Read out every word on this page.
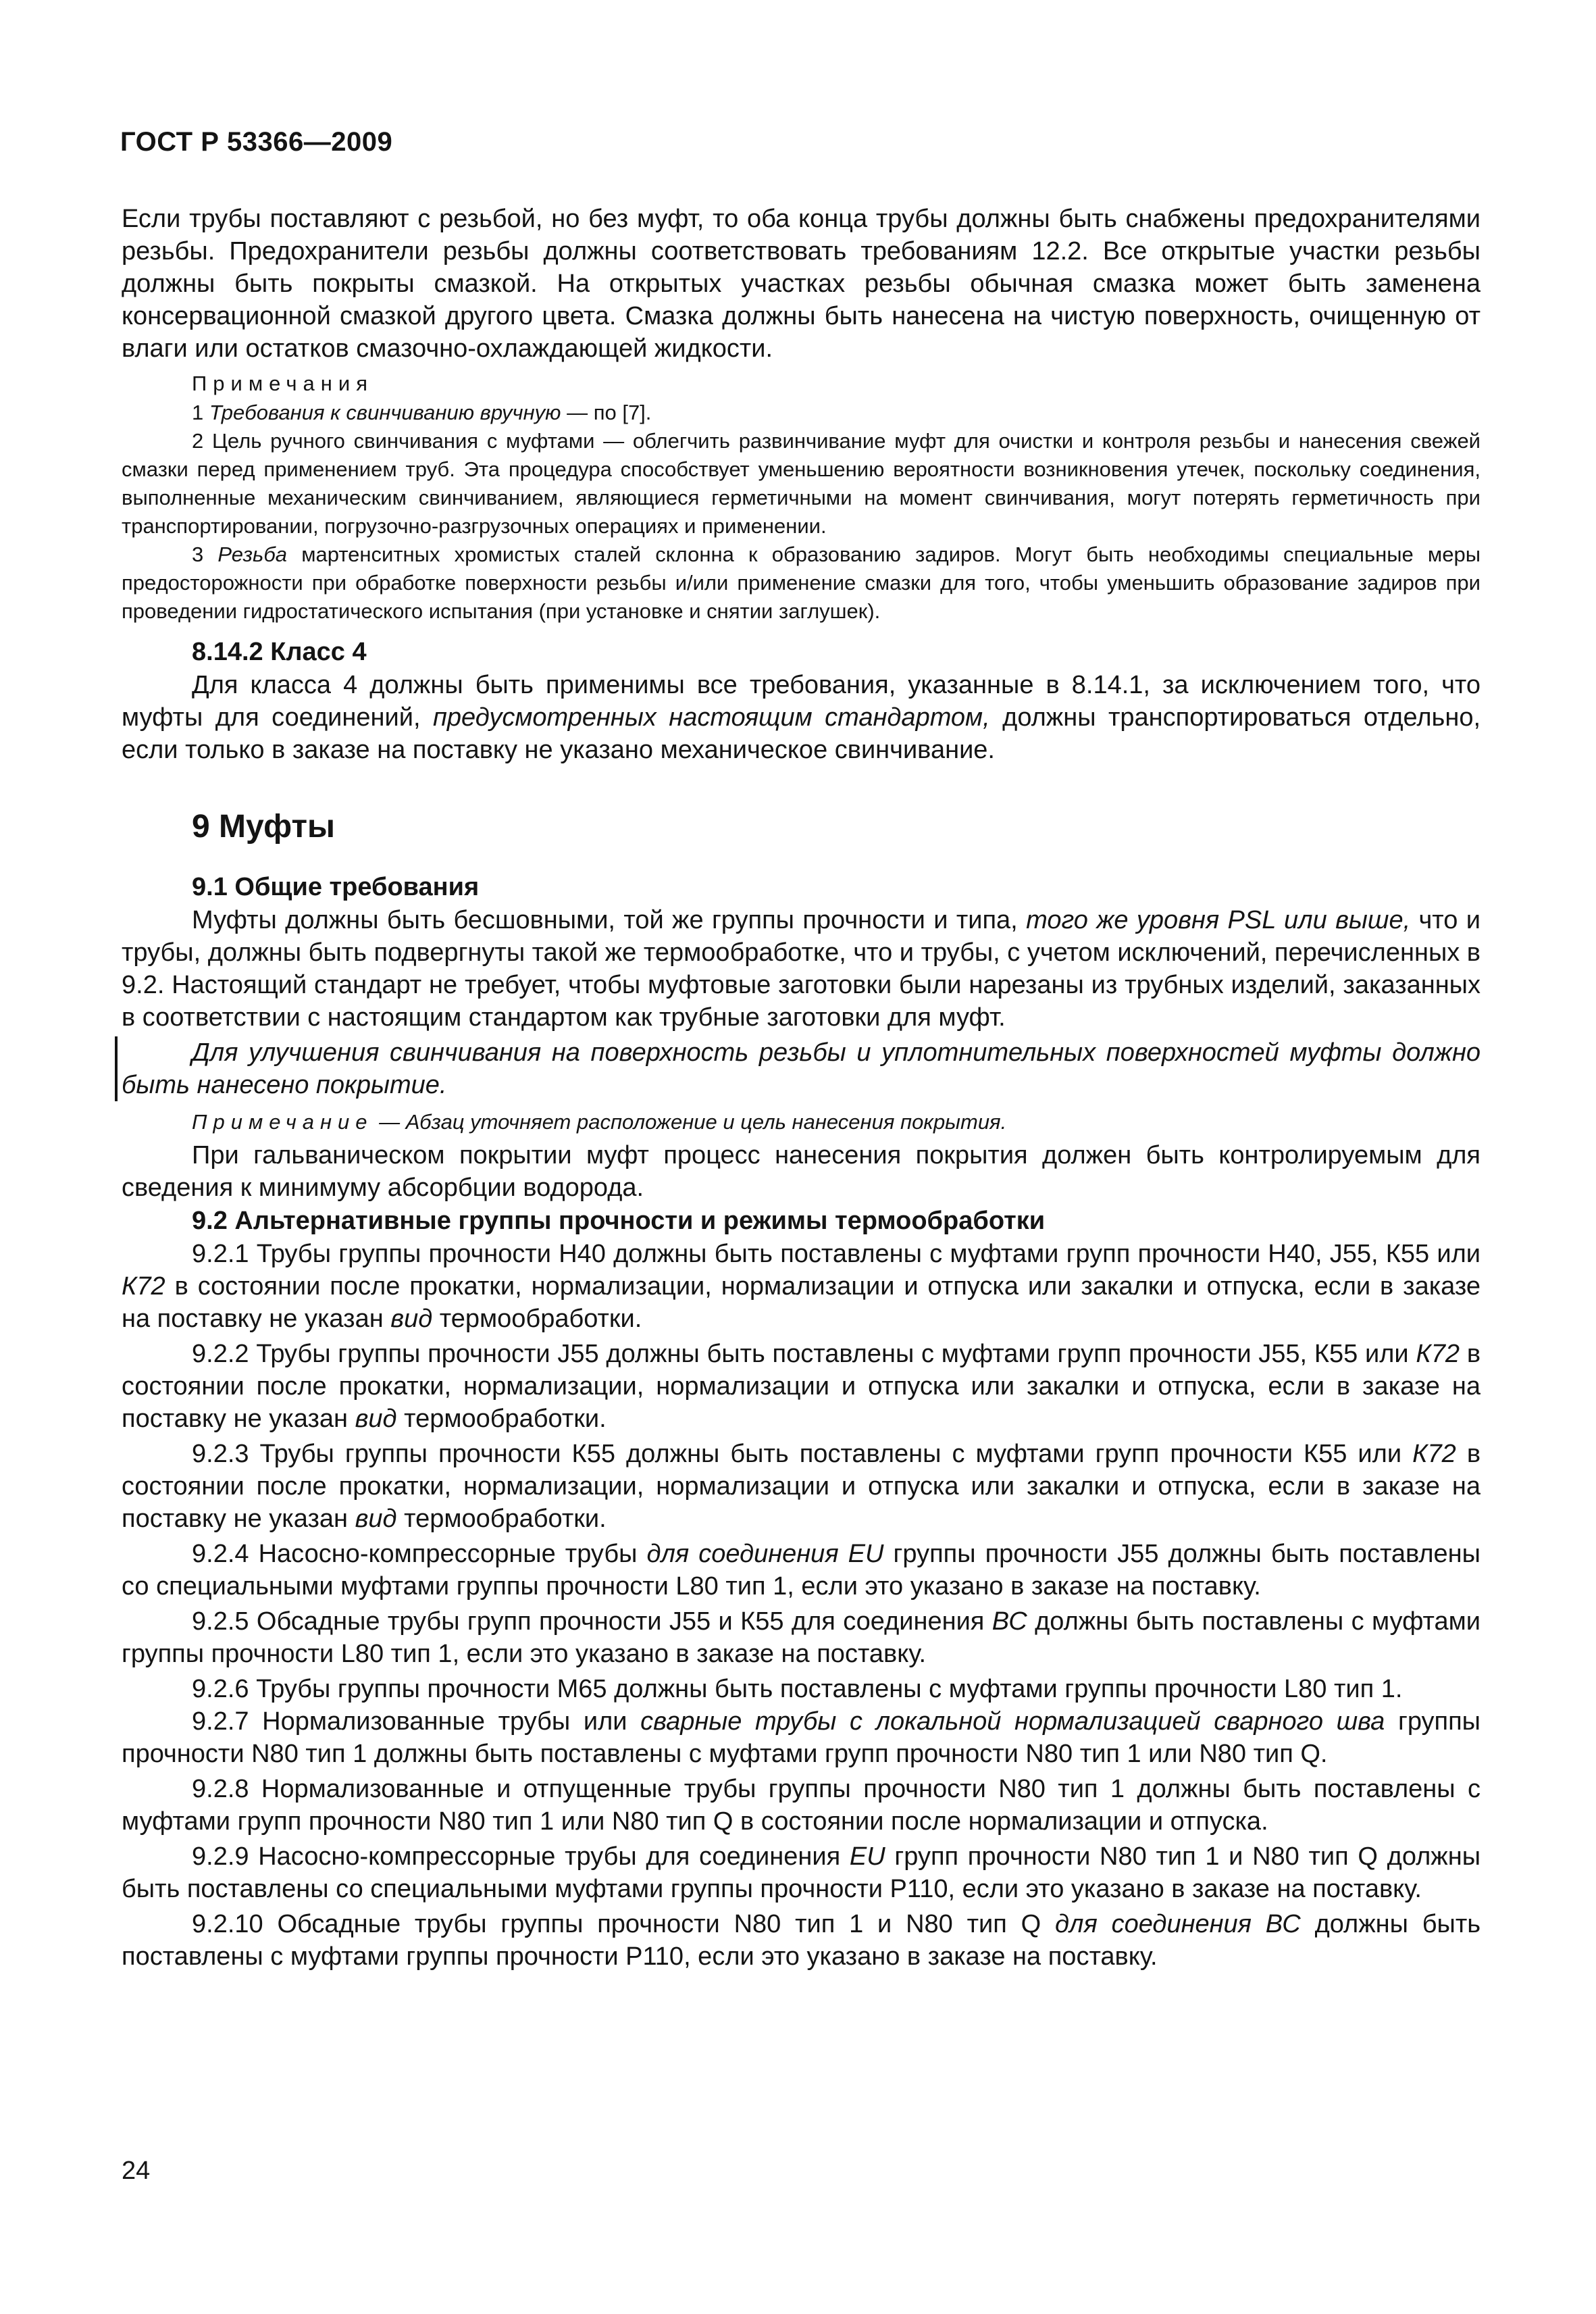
ГОСТ Р 53366—2009

Если трубы поставляют с резьбой, но без муфт, то оба конца трубы должны быть снабжены предохранителями резьбы. Предохранители резьбы должны соответствовать требованиям 12.2. Все открытые участки резьбы должны быть покрыты смазкой. На открытых участках резьбы обычная смазка может быть заменена консервационной смазкой другого цвета. Смазка должны быть нанесена на чистую поверхность, очищенную от влаги или остатков смазочно-охлаждающей жидкости.

Примечания

1 Требования к свинчиванию вручную — по [7].

2 Цель ручного свинчивания с муфтами — облегчить развинчивание муфт для очистки и контроля резьбы и нанесения свежей смазки перед применением труб. Эта процедура способствует уменьшению вероятности возникновения утечек, поскольку соединения, выполненные механическим свинчиванием, являющиеся герметичными на момент свинчивания, могут потерять герметичность при транспортировании, погрузочно-разгрузочных операциях и применении.

3 Резьба мартенситных хромистых сталей склонна к образованию задиров. Могут быть необходимы специальные меры предосторожности при обработке поверхности резьбы и/или применение смазки для того, чтобы уменьшить образование задиров при проведении гидростатического испытания (при установке и снятии заглушек).

8.14.2 Класс 4

Для класса 4 должны быть применимы все требования, указанные в 8.14.1, за исключением того, что муфты для соединений, предусмотренных настоящим стандартом, должны транспортироваться отдельно, если только в заказе на поставку не указано механическое свинчивание.

9 Муфты

9.1 Общие требования

Муфты должны быть бесшовными, той же группы прочности и типа, того же уровня PSL или выше, что и трубы, должны быть подвергнуты такой же термообработке, что и трубы, с учетом исключений, перечисленных в 9.2. Настоящий стандарт не требует, чтобы муфтовые заготовки были нарезаны из трубных изделий, заказанных в соответствии с настоящим стандартом как трубные заготовки для муфт.

Для улучшения свинчивания на поверхность резьбы и уплотнительных поверхностей муфты должно быть нанесено покрытие.

Примечание — Абзац уточняет расположение и цель нанесения покрытия.

При гальваническом покрытии муфт процесс нанесения покрытия должен быть контролируемым для сведения к минимуму абсорбции водорода.

9.2 Альтернативные группы прочности и режимы термообработки

9.2.1 Трубы группы прочности Н40 должны быть поставлены с муфтами групп прочности Н40, J55, К55 или К72 в состоянии после прокатки, нормализации, нормализации и отпуска или закалки и отпуска, если в заказе на поставку не указан вид термообработки.

9.2.2 Трубы группы прочности J55 должны быть поставлены с муфтами групп прочности J55, К55 или К72 в состоянии после прокатки, нормализации, нормализации и отпуска или закалки и отпуска, если в заказе на поставку не указан вид термообработки.

9.2.3 Трубы группы прочности К55 должны быть поставлены с муфтами групп прочности К55 или К72 в состоянии после прокатки, нормализации, нормализации и отпуска или закалки и отпуска, если в заказе на поставку не указан вид термообработки.

9.2.4 Насосно-компрессорные трубы для соединения EU группы прочности J55 должны быть поставлены со специальными муфтами группы прочности L80 тип 1, если это указано в заказе на поставку.

9.2.5 Обсадные трубы групп прочности J55 и К55 для соединения ВС должны быть поставлены с муфтами группы прочности L80 тип 1, если это указано в заказе на поставку.

9.2.6 Трубы группы прочности М65 должны быть поставлены с муфтами группы прочности L80 тип 1.

9.2.7 Нормализованные трубы или сварные трубы с локальной нормализацией сварного шва группы прочности N80 тип 1 должны быть поставлены с муфтами групп прочности N80 тип 1 или N80 тип Q.

9.2.8 Нормализованные и отпущенные трубы группы прочности N80 тип 1 должны быть поставлены с муфтами групп прочности N80 тип 1 или N80 тип Q в состоянии после нормализации и отпуска.

9.2.9 Насосно-компрессорные трубы для соединения EU групп прочности N80 тип 1 и N80 тип Q должны быть поставлены со специальными муфтами группы прочности Р110, если это указано в заказе на поставку.

9.2.10 Обсадные трубы группы прочности N80 тип 1 и N80 тип Q для соединения ВС должны быть поставлены с муфтами группы прочности Р110, если это указано в заказе на поставку.

24
